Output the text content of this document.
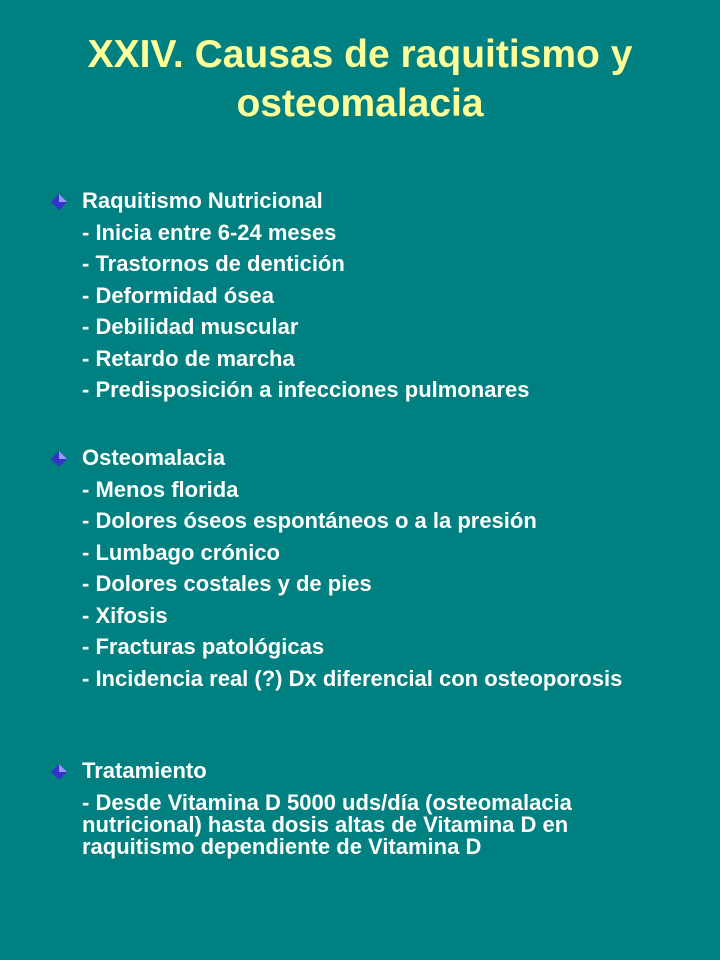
XXIV. Causas de raquitismo y
osteomalacia
Raquitismo Nutricional
- Inicia entre 6-24 meses
- Trastornos de dentición
- Deformidad ósea
- Debilidad muscular
- Retardo de marcha
- Predisposición a infecciones pulmonares
Osteomalacia
- Menos florida
- Dolores óseos espontáneos o a la presión
- Lumbago crónico
- Dolores costales y de pies
- Xifosis
- Fracturas patológicas
- Incidencia real (?) Dx diferencial con osteoporosis
Tratamiento
- Desde Vitamina D 5000 uds/día (osteomalacia nutricional) hasta dosis altas de Vitamina D en raquitismo dependiente de Vitamina D
